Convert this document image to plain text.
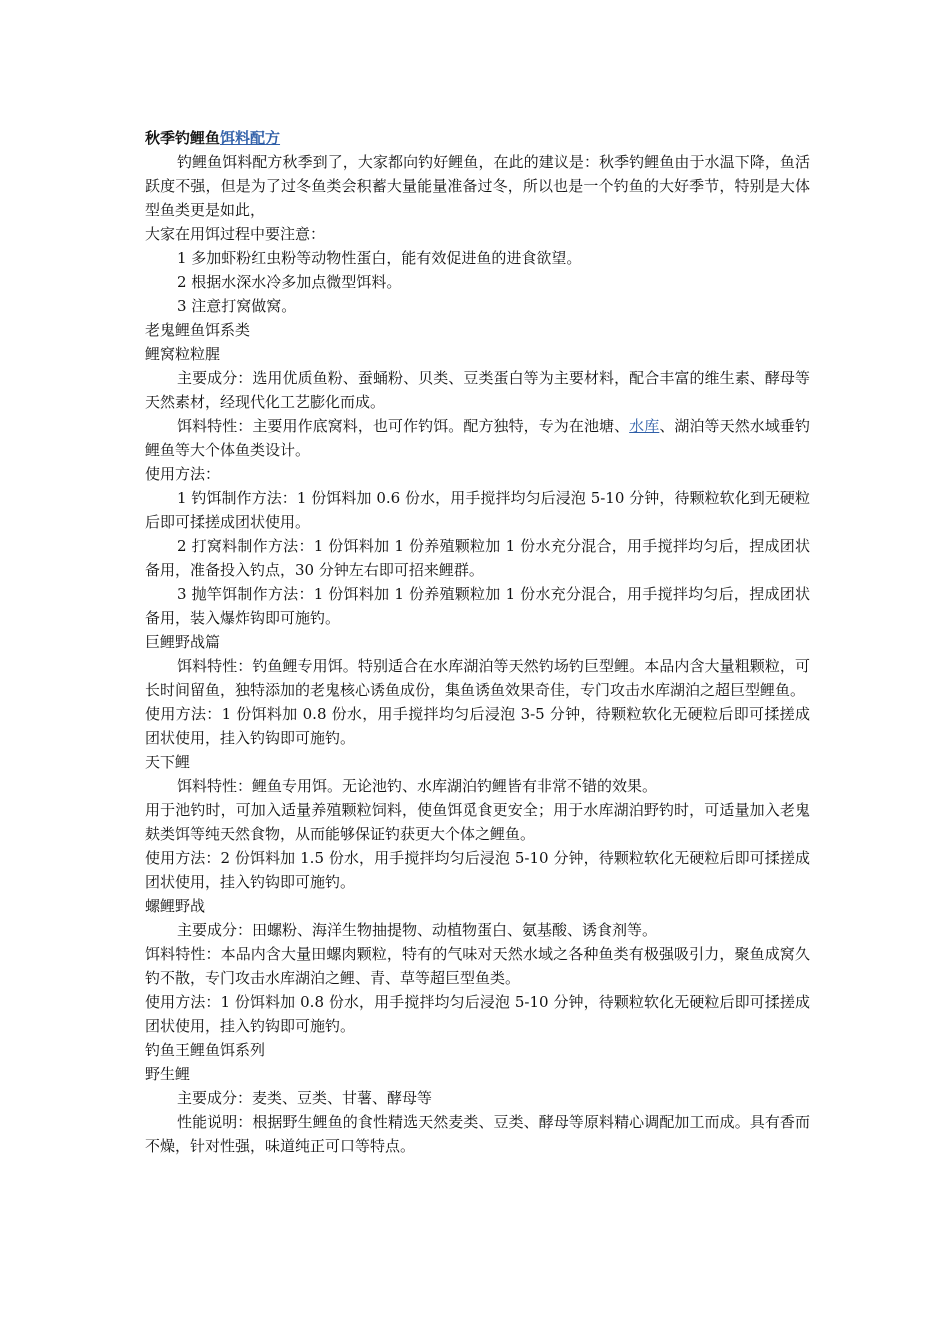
秋季钓鲤鱼饵料配方

钓鲤鱼饵料配方秋季到了，大家都向钓好鲤鱼，在此的建议是：秋季钓鲤鱼由于水温下降，鱼活跃度不强，但是为了过冬鱼类会积蓄大量能量准备过冬，所以也是一个钓鱼的大好季节，特别是大体型鱼类更是如此，

大家在用饵过程中要注意：

1 多加虾粉红虫粉等动物性蛋白，能有效促进鱼的进食欲望。

2 根据水深水冷多加点微型饵料。

3 注意打窝做窝。

老鬼鲤鱼饵系类

鲤窝粒粒腥

主要成分：选用优质鱼粉、蚕蛹粉、贝类、豆类蛋白等为主要材料，配合丰富的维生素、酵母等天然素材，经现代化工艺膨化而成。

饵料特性：主要用作底窝料，也可作钓饵。配方独特，专为在池塘、水库、湖泊等天然水域垂钓鲤鱼等大个体鱼类设计。

使用方法：

1 钓饵制作方法：1 份饵料加 0.6 份水，用手搅拌均匀后浸泡 5-10 分钟，待颗粒软化到无硬粒后即可揉搓成团状使用。

2 打窝料制作方法：1 份饵料加 1 份养殖颗粒加 1 份水充分混合，用手搅拌均匀后，捏成团状备用，准备投入钓点，30 分钟左右即可招来鲤群。

3 抛竿饵制作方法：1 份饵料加 1 份养殖颗粒加 1 份水充分混合，用手搅拌均匀后，捏成团状备用，装入爆炸钩即可施钓。

巨鲤野战篇

饵料特性：钓鱼鲤专用饵。特别适合在水库湖泊等天然钓场钓巨型鲤。本品内含大量粗颗粒，可长时间留鱼，独特添加的老鬼核心诱鱼成份，集鱼诱鱼效果奇佳，专门攻击水库湖泊之超巨型鲤鱼。

使用方法：1 份饵料加 0.8 份水，用手搅拌均匀后浸泡 3-5 分钟，待颗粒软化无硬粒后即可揉搓成团状使用，挂入钓钩即可施钓。

天下鲤

饵料特性：鲤鱼专用饵。无论池钓、水库湖泊钓鲤皆有非常不错的效果。

用于池钓时，可加入适量养殖颗粒饲料，使鱼饵觅食更安全；用于水库湖泊野钓时，可适量加入老鬼麸类饵等纯天然食物，从而能够保证钓获更大个体之鲤鱼。

使用方法：2 份饵料加 1.5 份水，用手搅拌均匀后浸泡 5-10 分钟，待颗粒软化无硬粒后即可揉搓成团状使用，挂入钓钩即可施钓。

螺鲤野战

主要成分：田螺粉、海洋生物抽提物、动植物蛋白、氨基酸、诱食剂等。

饵料特性：本品内含大量田螺肉颗粒，特有的气味对天然水域之各种鱼类有极强吸引力，聚鱼成窝久钓不散，专门攻击水库湖泊之鲤、青、草等超巨型鱼类。

使用方法：1 份饵料加 0.8 份水，用手搅拌均匀后浸泡 5-10 分钟，待颗粒软化无硬粒后即可揉搓成团状使用，挂入钓钩即可施钓。

钓鱼王鲤鱼饵系列

野生鲤

主要成分：麦类、豆类、甘薯、酵母等

性能说明：根据野生鲤鱼的食性精选天然麦类、豆类、酵母等原料精心调配加工而成。具有香而不燥，针对性强，味道纯正可口等特点。
